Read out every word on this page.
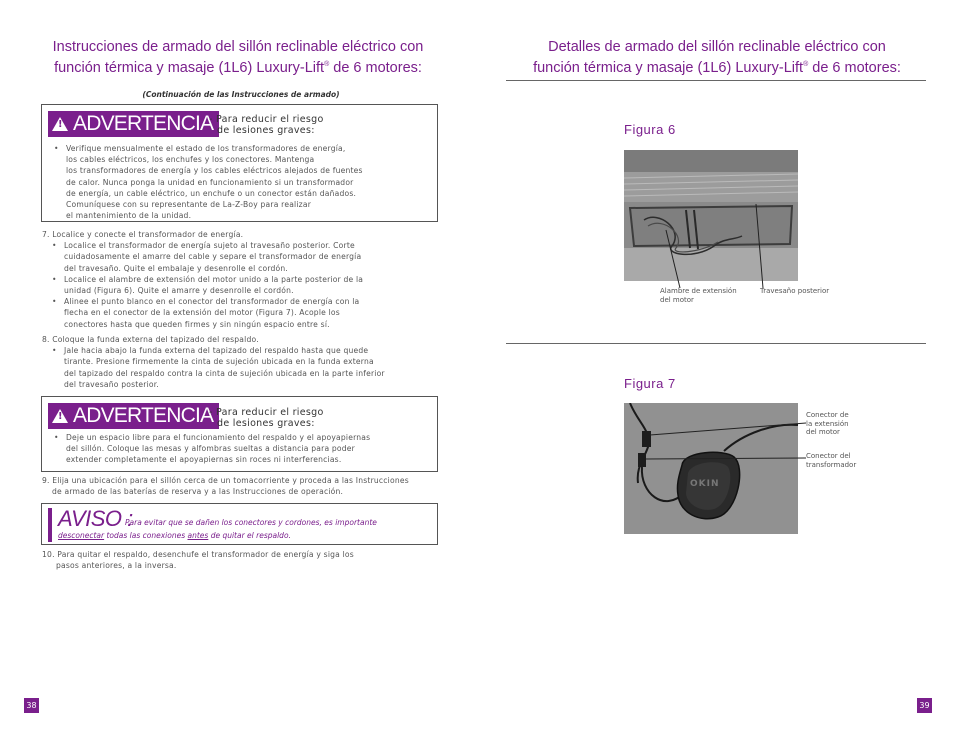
Instrucciones de armado del sillón reclinable eléctrico con
función térmica y masaje (1L6) Luxury-Lift® de 6 motores:
(Continuación de las Instrucciones de armado)
!
ADVERTENCIA
- Para reducir el riesgo
de lesiones graves:
• Verifique mensualmente el estado de los transformadores de energía,
los cables eléctricos, los enchufes y los conectores. Mantenga
los transformadores de energía y los cables eléctricos alejados de fuentes
de calor. Nunca ponga la unidad en funcionamiento si un transformador
de energía, un cable eléctrico, un enchufe o un conector están dañados.
Comuníquese con su representante de La-Z-Boy para realizar
el mantenimiento de la unidad.
7. Localice y conecte el transformador de energía.
• Localice el transformador de energía sujeto al travesaño posterior. Corte
cuidadosamente el amarre del cable y separe el transformador de energía
del travesaño. Quite el embalaje y desenrolle el cordón.
• Localice el alambre de extensión del motor unido a la parte posterior de la
unidad (Figura 6). Quite el amarre y desenrolle el cordón.
• Alinee el punto blanco en el conector del transformador de energía con la
flecha en el conector de la extensión del motor (Figura 7). Acople los
conectores hasta que queden firmes y sin ningún espacio entre sí.
8. Coloque la funda externa del tapizado del respaldo.
• Jale hacia abajo la funda externa del tapizado del respaldo hasta que quede
tirante. Presione firmemente la cinta de sujeción ubicada en la funda externa
del tapizado del respaldo contra la cinta de sujeción ubicada en la parte inferior
del travesaño posterior.
!
ADVERTENCIA
- Para reducir el riesgo
de lesiones graves:
• Deje un espacio libre para el funcionamiento del respaldo y el apoyapiernas
del sillón. Coloque las mesas y alfombras sueltas a distancia para poder
extender completamente el apoyapiernas sin roces ni interferencias.
9. Elija una ubicación para el sillón cerca de un tomacorriente y proceda a las Instrucciones
de armado de las baterías de reserva y a las Instrucciones de operación.
AVISO :
Para evitar que se dañen los conectores y cordones, es importante
desconectar todas las conexiones antes de quitar el respaldo.
10. Para quitar el respaldo, desenchufe el transformador de energía y siga los
pasos anteriores, a la inversa.
38
Detalles de armado del sillón reclinable eléctrico con
función térmica y masaje (1L6) Luxury-Lift® de 6 motores:
Figura 6
Alambre de extensión
del motor
Travesaño posterior
Figura 7
OKIN
Conector de
la extensión
del motor
Conector del
transformador
39
